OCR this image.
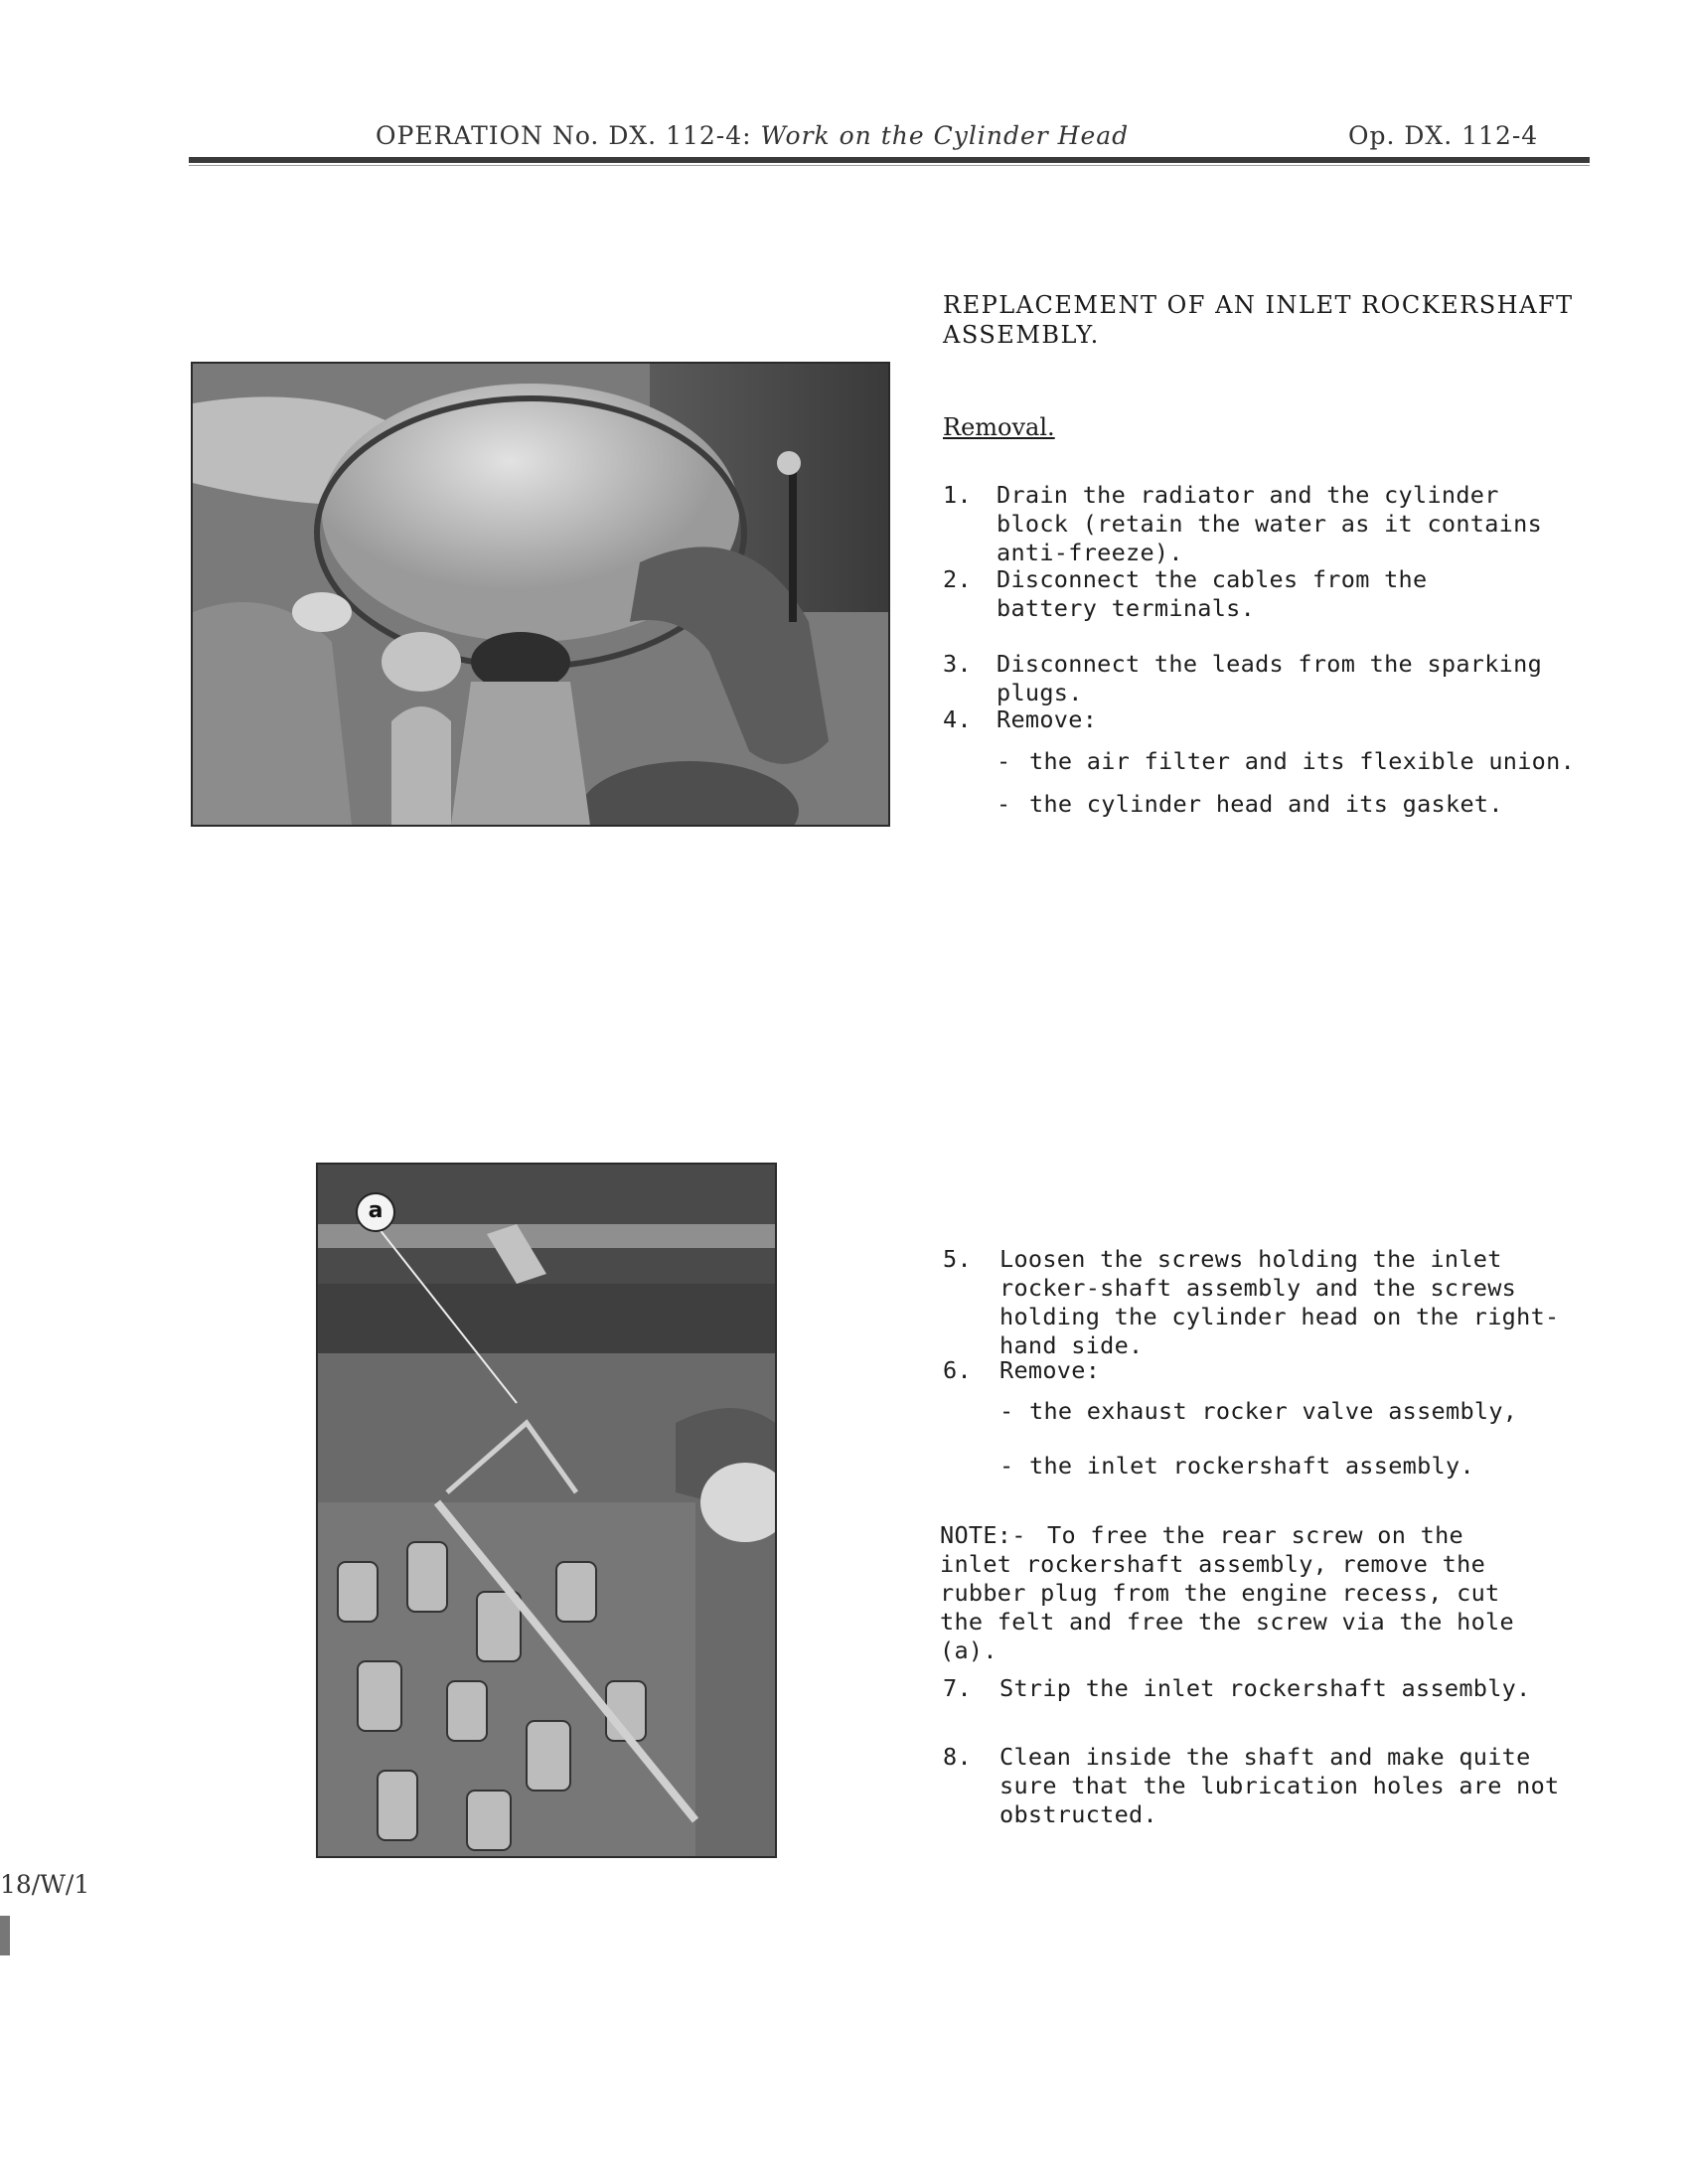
OPERATION No. DX. 112-4: Work on the Cylinder Head	Op. DX. 112-4
REPLACEMENT OF AN INLET ROCKERSHAFT ASSEMBLY.
Removal.
1.	Drain the radiator and the cylinder block (retain the water as it contains anti-freeze).
2.	Disconnect the cables from the battery terminals.
3.	Disconnect the leads from the sparking plugs.
4.	Remove:
- the air filter and its flexible union.
- the cylinder head and its gasket.
a
5.	Loosen the screws holding the inlet rocker-shaft assembly and the screws holding the cylinder head on the right-hand side.
6.	Remove:
- the exhaust rocker valve assembly,
- the inlet rockershaft assembly.
NOTE:- To free the rear screw on the inlet rockershaft assembly, remove the rubber plug from the engine recess, cut the felt and free the screw via the hole (a).
7.	Strip the inlet rockershaft assembly.
8.	Clean inside the shaft and make quite sure that the lubrication holes are not obstructed.
18/W/1
